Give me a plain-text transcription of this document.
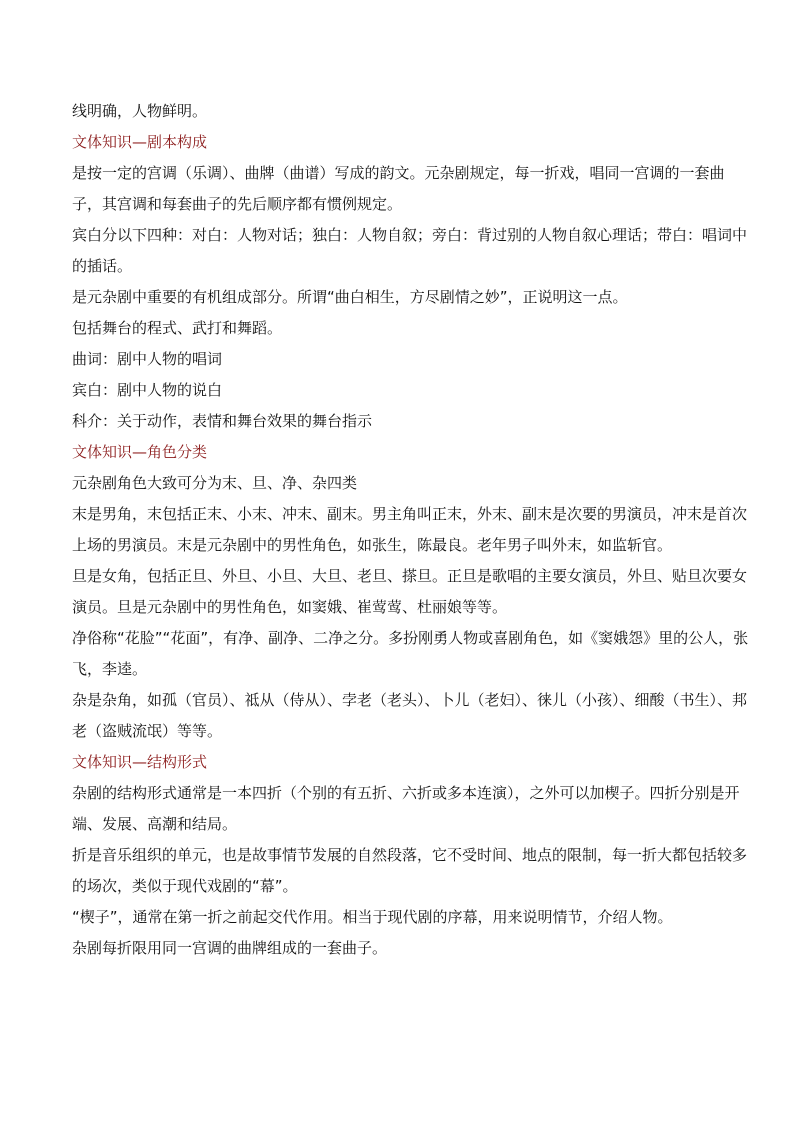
线明确，人物鲜明。

文体知识—剧本构成

是按一定的宫调（乐调）、曲牌（曲谱）写成的韵文。元杂剧规定，每一折戏，唱同一宫调的一套曲子，其宫调和每套曲子的先后顺序都有惯例规定。

宾白分以下四种：对白：人物对话；独白：人物自叙；旁白：背过别的人物自叙心理话；带白：唱词中的插话。

是元杂剧中重要的有机组成部分。所谓“曲白相生，方尽剧情之妙”，正说明这一点。

包括舞台的程式、武打和舞蹈。

曲词：剧中人物的唱词

宾白：剧中人物的说白

科介：关于动作，表情和舞台效果的舞台指示

文体知识—角色分类

元杂剧角色大致可分为末、旦、净、杂四类

末是男角，末包括正末、小末、冲末、副末。男主角叫正末，外末、副末是次要的男演员，冲末是首次上场的男演员。末是元杂剧中的男性角色，如张生，陈最良。老年男子叫外末，如监斩官。

旦是女角，包括正旦、外旦、小旦、大旦、老旦、搽旦。正旦是歌唱的主要女演员，外旦、贴旦次要女演员。旦是元杂剧中的男性角色，如窦娥、崔莺莺、杜丽娘等等。

净俗称“花脸”“花面”，有净、副净、二净之分。多扮刚勇人物或喜剧角色，如《窦娥怨》里的公人，张飞，李逵。

杂是杂角，如孤（官员）、祗从（侍从）、孛老（老头）、卜儿（老妇）、徕儿（小孩）、细酸（书生）、邦老（盗贼流氓）等等。

文体知识—结构形式

杂剧的结构形式通常是一本四折（个别的有五折、六折或多本连演），之外可以加楔子。四折分别是开端、发展、高潮和结局。

折是音乐组织的单元，也是故事情节发展的自然段落，它不受时间、地点的限制，每一折大都包括较多的场次，类似于现代戏剧的“幕”。

“楔子”，通常在第一折之前起交代作用。相当于现代剧的序幕，用来说明情节，介绍人物。

杂剧每折限用同一宫调的曲牌组成的一套曲子。
